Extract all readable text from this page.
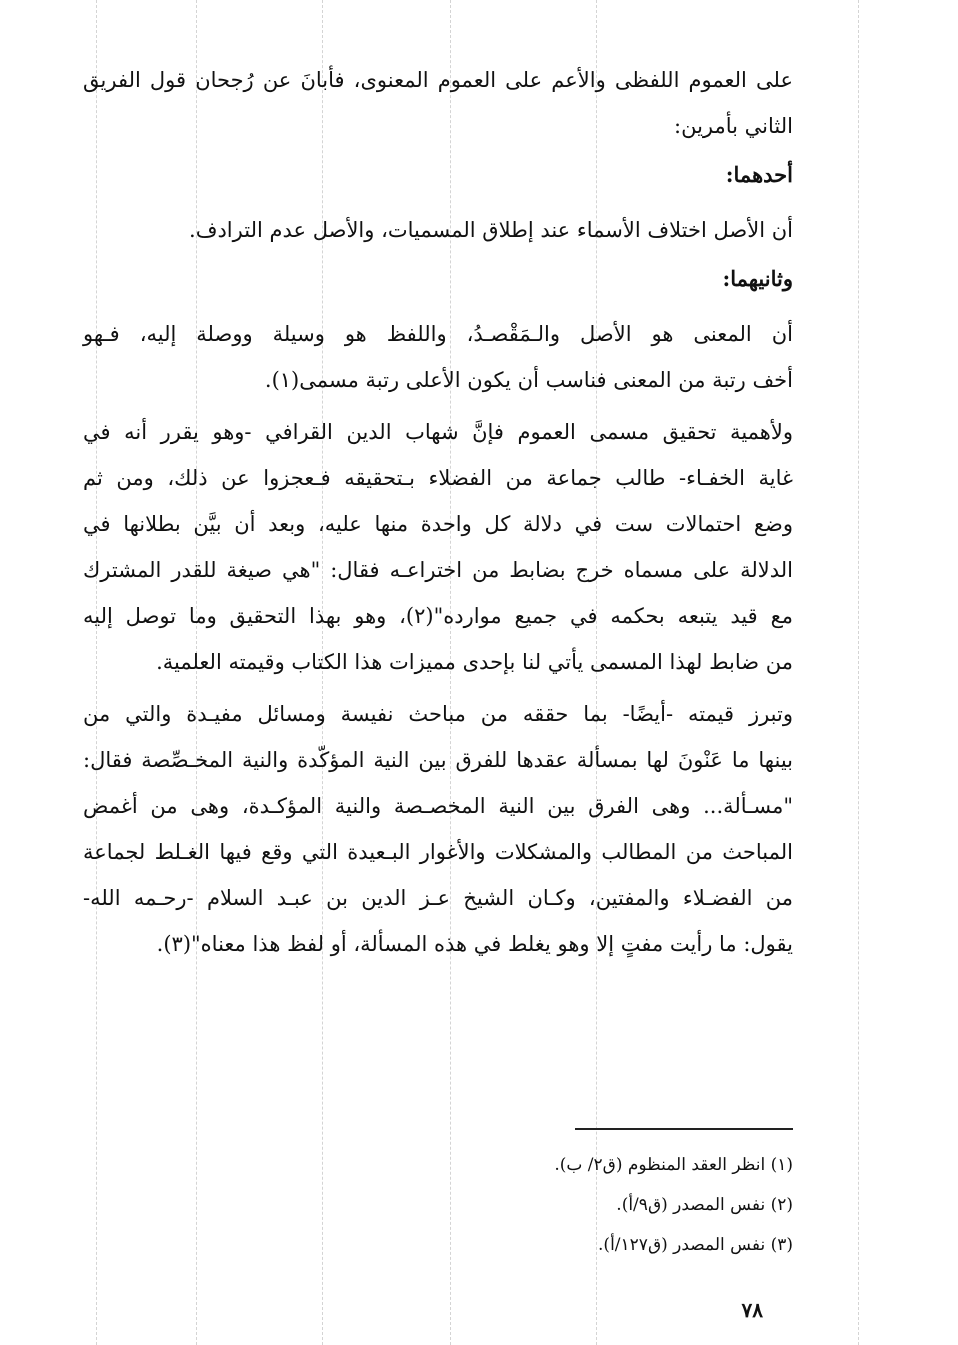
على العموم اللفظى والأعم على العموم المعنوى، فأبانَ عن رُجحان قول الفريق
الثاني بأمرين:
أحدهما:
أن الأصل اختلاف الأسماء عند إطلاق المسميات، والأصل عدم الترادف.
وثانيهما:
أن المعنى هو الأصل والـمَقْصـدُ، واللفظ هو وسيلة ووصلة إليه، فـهو
أخف رتبة من المعنى فناسب أن يكون الأعلى رتبة مسمى(١).
ولأهمية تحقيق مسمى العموم فإنَّ شهاب الدين القرافي -وهو يقرر أنه في
غاية الخفـاء- طالب جماعة من الفضلاء بـتحقيقه فـعجزوا عن ذلك، ومن ثم
وضع احتمالات ست في دلالة كل واحدة منها عليه، وبعد أن بيَّن بطلانها في
الدلالة على مسماه خرج بضابط من اختراعـه فقال: "هي صيغة للقدر المشترك
مع قيد يتبعه بحكمه في جميع موارده"(٢)، وهو بهذا التحقيق وما توصل إليه
من ضابط لهذا المسمى يأتي لنا بإحدى مميزات هذا الكتاب وقيمته العلمية.
وتبرز قيمته -أيضًا- بما حققه من مباحث نفيسة ومسائل مفيـدة والتي من
بينها ما عَنْونَ لها بمسألة عقدها للفرق بين النية المؤكّدة والنية المخـصِّصة فقال:
"مسـألة... وهى الفرق بين النية المخصـصة والنية المؤكـدة، وهى من أغمض
المباحث من المطالب والمشكلات والأغوار البـعيدة التي وقع فيها الغـلط لجماعة
من الفضـلاء والمفتين، وكـان الشيخ عـز الدين بن عبـد السلام -رحـمه الله-
يقول: ما رأيت مفتٍ إلا وهو يغلط في هذه المسألة، أو لفظ هذا معناه"(٣).
(١) انظر العقد المنظوم (ق٢/ ب).
(٢) نفس المصدر (ق٩/أ).
(٣) نفس المصدر (ق١٢٧/أ).
٧٨
